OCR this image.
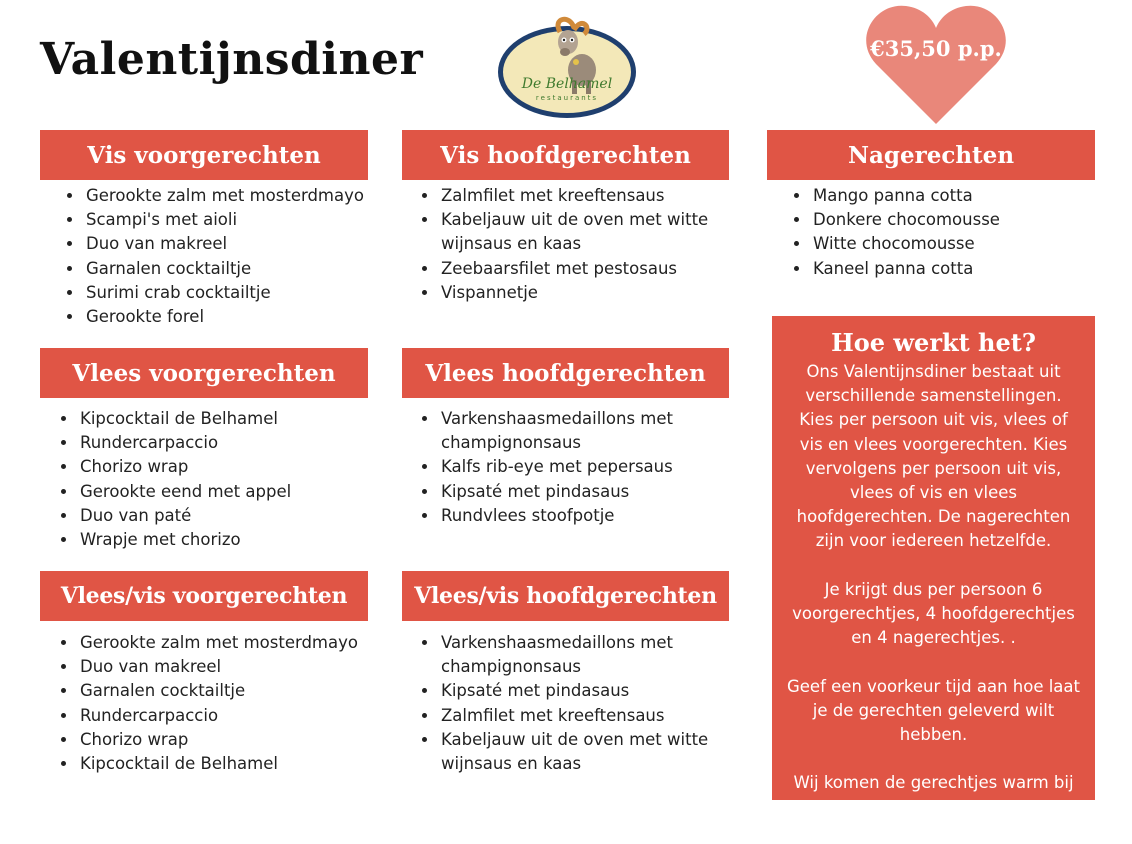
Valentijnsdiner	De Belhamel
restaurants
€35,50 p.p.
Vis voorgerechten
• Gerookte zalm met mosterdmayo
• Scampi's met aioli
• Duo van makreel
• Garnalen cocktailtje
• Surimi crab cocktailtje
• Gerookte forel
Vlees voorgerechten
• Kipcocktail de Belhamel
• Rundercarpaccio
• Chorizo wrap
• Gerookte eend met appel
• Duo van paté
• Wrapje met chorizo
Vlees/vis voorgerechten
• Gerookte zalm met mosterdmayo
• Duo van makreel
• Garnalen cocktailtje
• Rundercarpaccio
• Chorizo wrap
• Kipcocktail de Belhamel
Vis hoofdgerechten
• Zalmfilet met kreeftensaus
• Kabeljauw uit de oven met witte wijnsaus en kaas
• Zeebaarsfilet met pestosaus
• Vispannetje
Vlees hoofdgerechten
• Varkenshaasmedaillons met champignonsaus
• Kalfs rib-eye met pepersaus
• Kipsaté met pindasaus
• Rundvlees stoofpotje
Vlees/vis hoofdgerechten
• Varkenshaasmedaillons met champignonsaus
• Kipsaté met pindasaus
• Zalmfilet met kreeftensaus
• Kabeljauw uit de oven met witte wijnsaus en kaas
Nagerechten
• Mango panna cotta
• Donkere chocomousse
• Witte chocomousse
• Kaneel panna cotta
Hoe werkt het?

Ons Valentijnsdiner bestaat uit verschillende samenstellingen. Kies per persoon uit vis, vlees of vis en vlees voorgerechten. Kies vervolgens per persoon uit vis, vlees of vis en vlees hoofdgerechten. De nagerechten zijn voor iedereen hetzelfde.

Je krijgt dus per persoon 6 voorgerechtjes, 4 hoofdgerechtjes en 4 nagerechtjes. .

Geef een voorkeur tijd aan hoe laat je de gerechten geleverd wilt hebben.

Wij komen de gerechtjes warm bij u thuis brengen of u mag het komen
